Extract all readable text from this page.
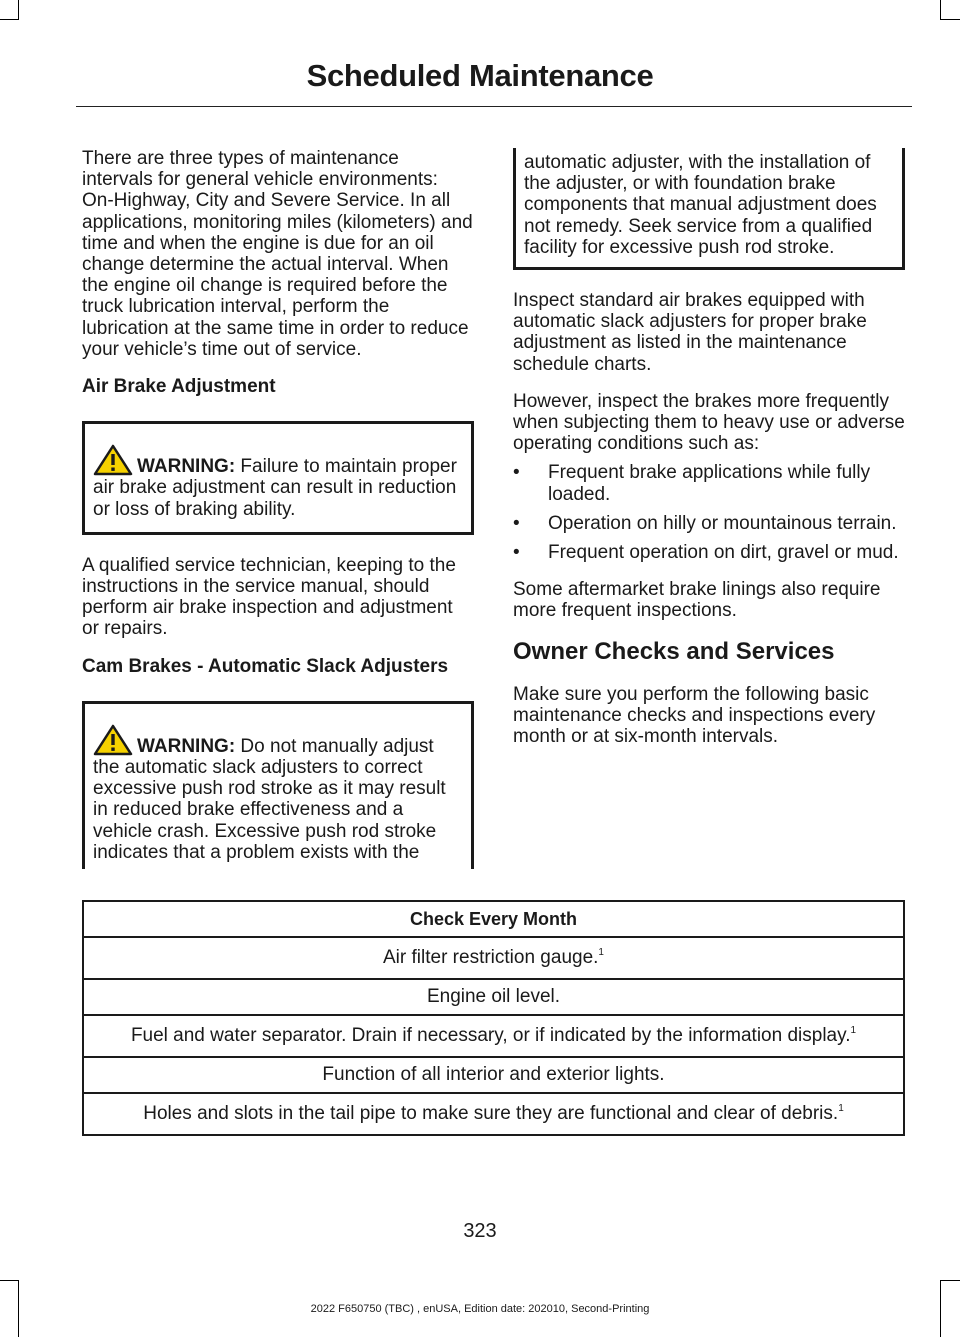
Scheduled Maintenance

There are three types of maintenance intervals for general vehicle environments: On-Highway, City and Severe Service. In all applications, monitoring miles (kilometers) and time and when the engine is due for an oil change determine the actual interval. When the engine oil change is required before the truck lubrication interval, perform the lubrication at the same time in order to reduce your vehicle’s time out of service.

Air Brake Adjustment
WARNING: Failure to maintain proper air brake adjustment can result in reduction or loss of braking ability.

A qualified service technician, keeping to the instructions in the service manual, should perform air brake inspection and adjustment or repairs.

Cam Brakes - Automatic Slack Adjusters
WARNING: Do not manually adjust the automatic slack adjusters to correct excessive push rod stroke as it may result in reduced brake effectiveness and a vehicle crash. Excessive push rod stroke indicates that a problem exists with the
automatic adjuster, with the installation of the adjuster, or with foundation brake components that manual adjustment does not remedy. Seek service from a qualified facility for excessive push rod stroke.

Inspect standard air brakes equipped with automatic slack adjusters for proper brake adjustment as listed in the maintenance schedule charts.

However, inspect the brakes more frequently when subjecting them to heavy use or adverse operating conditions such as:

• Frequent brake applications while fully loaded.
• Operation on hilly or mountainous terrain.
• Frequent operation on dirt, gravel or mud.

Some aftermarket brake linings also require more frequent inspections.

Owner Checks and Services

Make sure you perform the following basic maintenance checks and inspections every month or at six-month intervals.

Check Every Month
Air filter restriction gauge.$^1$
Engine oil level.
Fuel and water separator. Drain if necessary, or if indicated by the information display.$^1$
Function of all interior and exterior lights.
Holes and slots in the tail pipe to make sure they are functional and clear of debris.$^1$
323
2022 F650750 (TBC) , enUSA, Edition date: 202010, Second-Printing
